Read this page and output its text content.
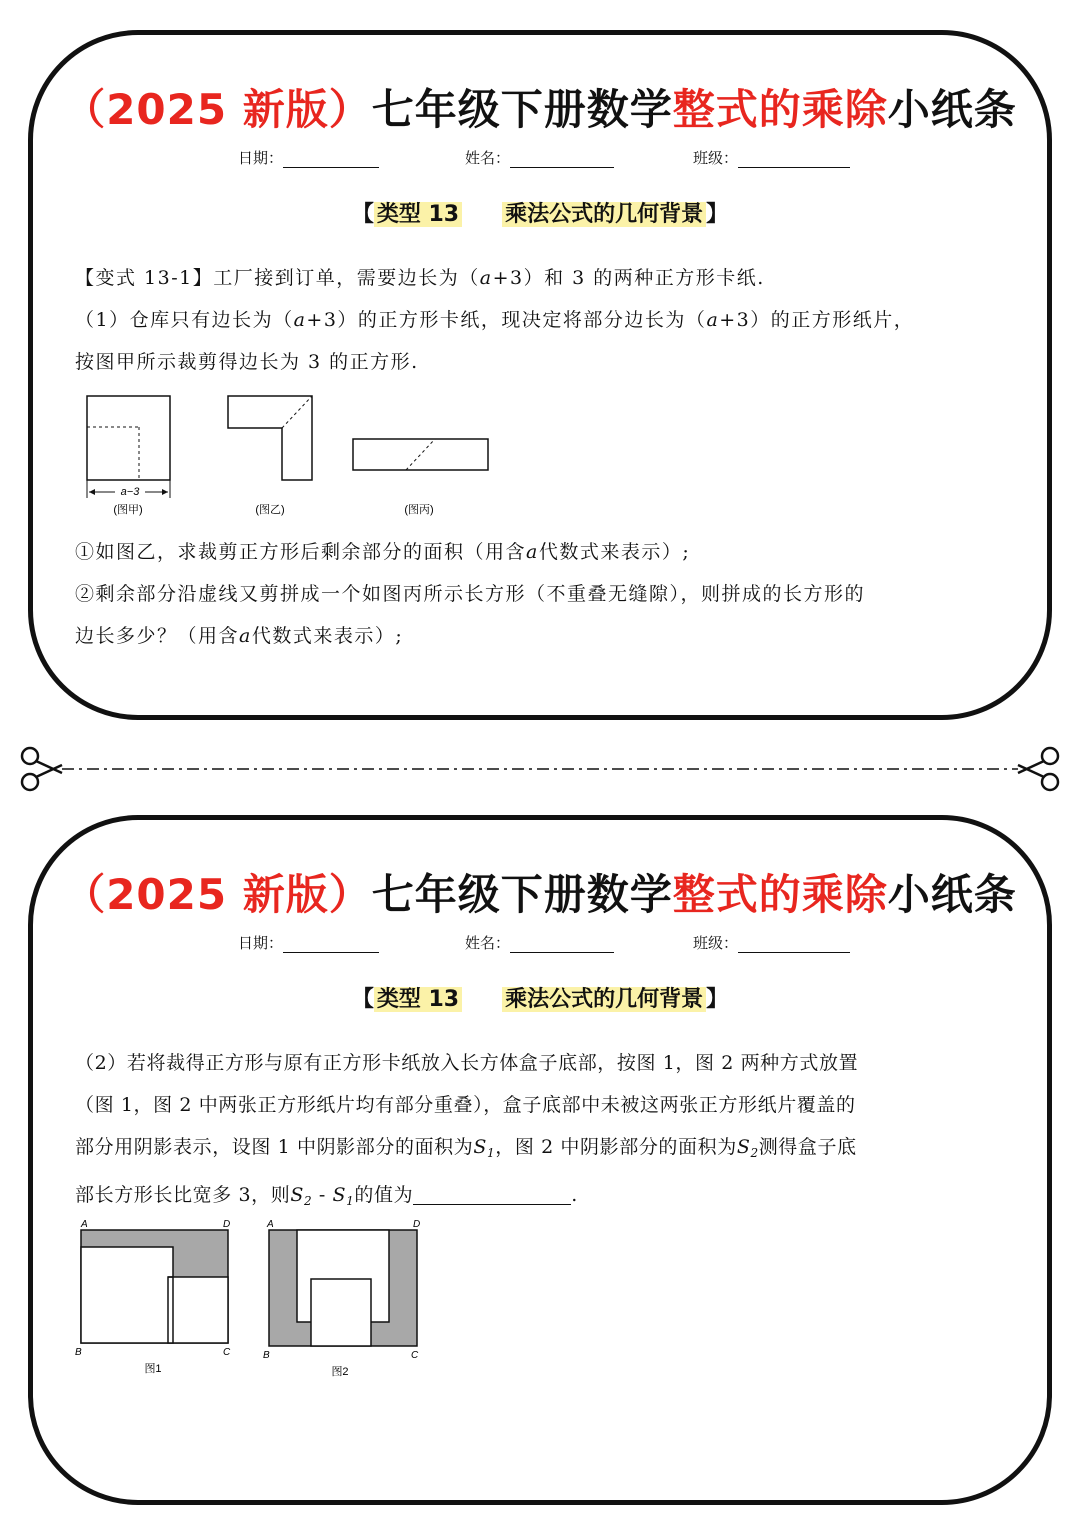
（2025 新版）七年级下册数学整式的乘除小纸条
日期：	姓名：	班级：
【 类型 13 乘法公式的几何背景 】

【变式 13-1】工厂接到订单，需要边长为（a+3）和 3 的两种正方形卡纸.

（1）仓库只有边长为（a+3）的正方形卡纸，现决定将部分边长为（a+3）的正方形纸片，

按图甲所示裁剪得边长为 3 的正方形.

a−3
(图甲)	(图乙)	(图丙)

①如图乙，求裁剪正方形后剩余部分的面积（用含a代数式来表示）;

②剩余部分沿虚线又剪拼成一个如图丙所示长方形（不重叠无缝隙），则拼成的长方形的

边长多少？（用含a代数式来表示）;

（2025 新版）七年级下册数学整式的乘除小纸条
日期：	姓名：	班级：
【 类型 13 乘法公式的几何背景 】

（2）若将裁得正方形与原有正方形卡纸放入长方体盒子底部，按图 1，图 2 两种方式放置

（图 1，图 2 中两张正方形纸片均有部分重叠），盒子底部中未被这两张正方形纸片覆盖的

部分用阴影表示，设图 1 中阴影部分的面积为$S_1$，图 2 中阴影部分的面积为$S_2$测得盒子底

部长方形长比宽多 3，则$S_2 - S_1$的值为	.

A	D
B	C
图1
A	D
B	C
图2
